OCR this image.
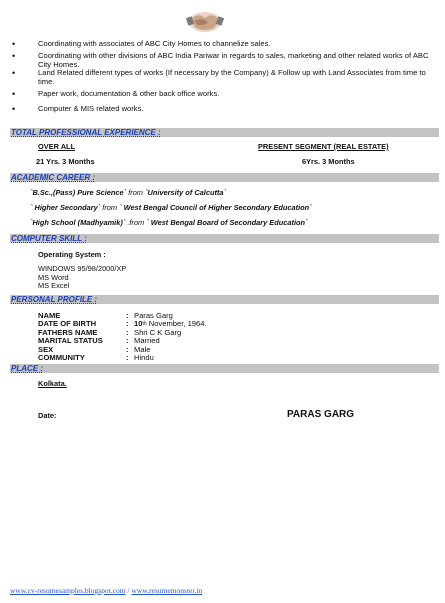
•	Coordinating with associates of ABC City Homes to channelize sales.
•	Coordinating with other divisions of ABC India Pariwar in regards to sales, marketing and other related works of ABC City Homes.
•	Land Related different types of works (If necessary by the Company) & Follow up with Land Associates from time to time.
•	Paper work, documentation & other back office works.
•	Computer & MIS related works.
TOTAL PROFESSIONAL EXPERIENCE :
OVER ALL	PRESENT SEGMENT (REAL ESTATE)
21 Yrs. 3 Months	6Yrs. 3 Months
ACADEMIC CAREER :
`B.Sc.,(Pass) Pure Science` from `University of Calcutta`
` Higher Secondary` from ` West Bengal Council of Higher Secondary Education`
`High School (Madhyamik)` .from ` West Bengal Board of Secondary Education`
COMPUTER SKILL :
Operating System :
WINDOWS 95/98/2000/XP
MS Word
MS Excel
PERSONAL PROFILE :
NAME	:	Paras Garg
DATE OF BIRTH	:	10th November, 1964.
FATHERS NAME	:	Shri C K Garg
MARITAL STATUS	:	Married
SEX	:	Male
COMMUNITY	:	Hindu
PLACE :
Kolkata.
Date:	PARAS GARG
www.cv-resumesamples.blogspot.com / www.resumemonster.in
